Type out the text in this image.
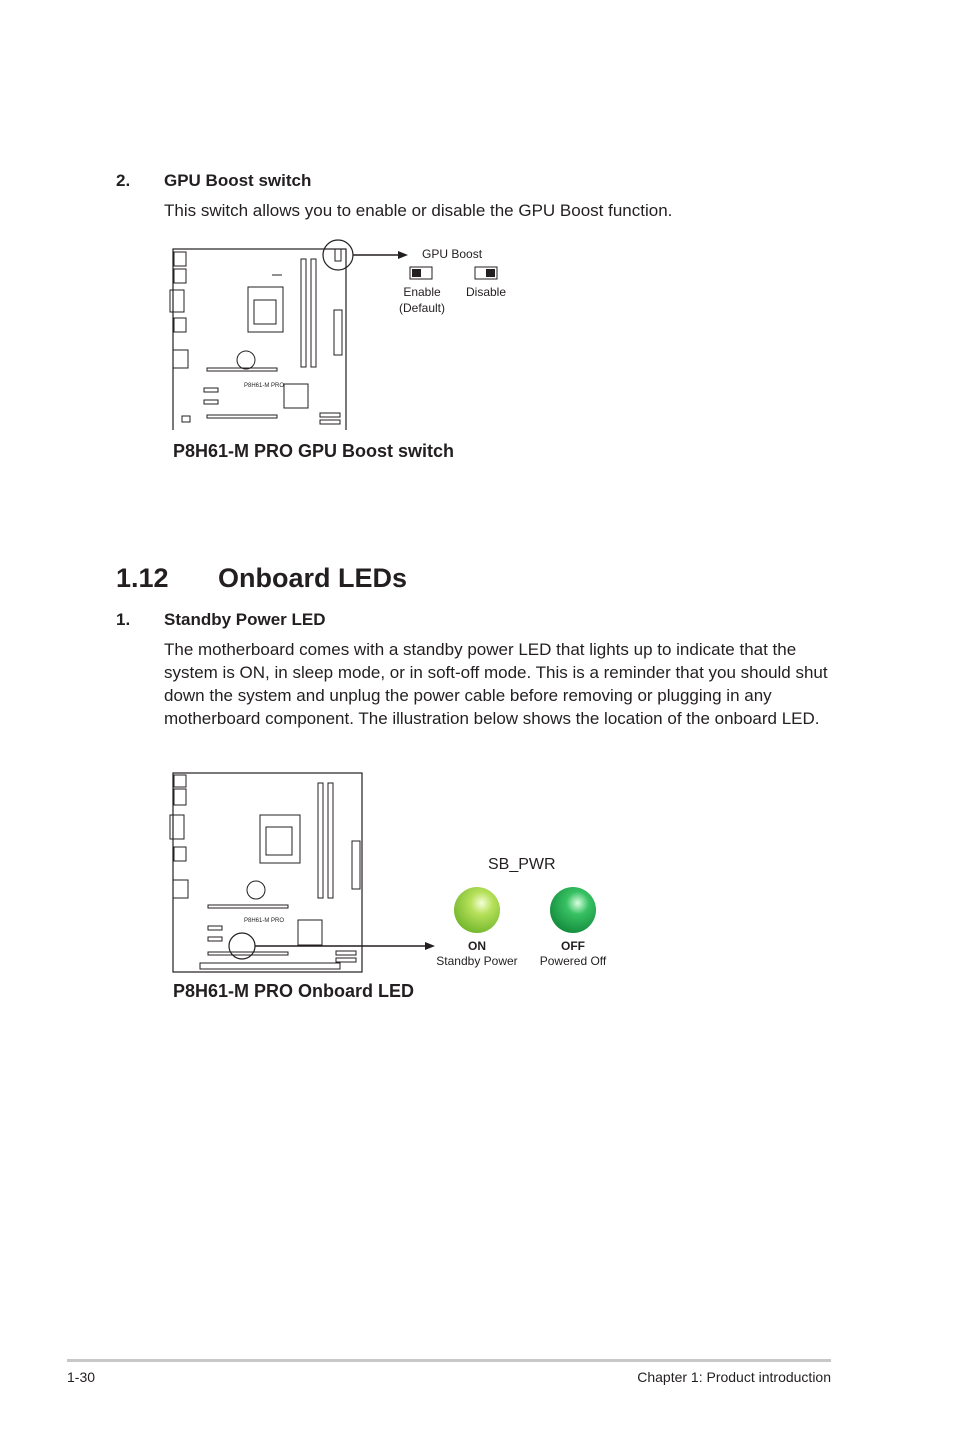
2. GPU Boost switch
This switch allows you to enable or disable the GPU Boost function.
P8H61-M PRO
GPU Boost
Enable
(Default)
Disable
P8H61-M PRO GPU Boost switch
1.12 Onboard LEDs
1. Standby Power LED
The motherboard comes with a standby power LED that lights up to indicate that the system is ON, in sleep mode, or in soft-off mode. This is a reminder that you should shut down the system and unplug the power cable before removing or plugging in any motherboard component. The illustration below shows the location of the onboard LED.
P8H61-M PRO
SB_PWR
ON
Standby Power
OFF
Powered Off
P8H61-M PRO Onboard LED
1-30	Chapter 1: Product introduction
